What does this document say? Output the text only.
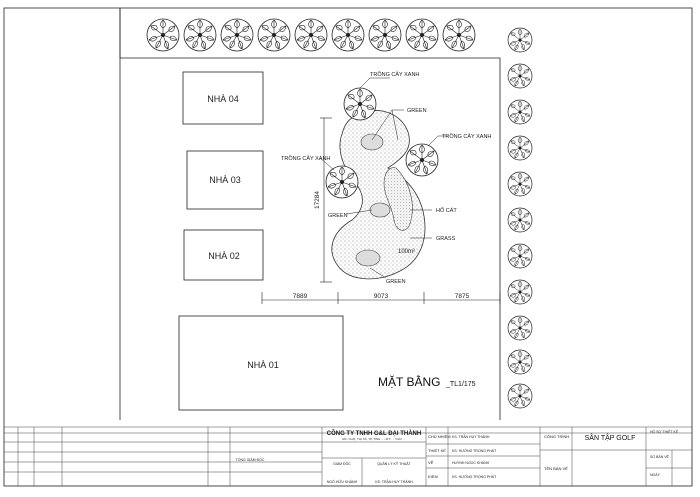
NHÀ 04
NHÀ 03
NHÀ 02
NHÀ 01
100m²
7889	9073	7875
17284
TRỒNG CÂY XANH
GREEN
TRỒNG CÂY XANH
TRỒNG CÂY XANH
GREEN
HỐ CÁT
GRASS
GREEN
MẶT BẰNG _TL1/175
CÔNG TY TNHH G&L ĐẠI THÀNH
ĐC: CHỢ, THỊ XÃ, TP, TỈNH ... / ĐT: ... / FAX ...
GIÁM ĐỐC	QUẢN LÝ KỸ THUẬT
NGÔ HỮU KHÁNH	KS. TRẦN HUY THÀNH
TỔNG GIÁM ĐỐC
CHỦ NHIỆM KS. TRẦN HUY THÀNH
THIẾT KẾ KS. HƯỚNG TRỌNG PHÁT
VẼ	HUỲNH NGỌC KHÁNH
KIỂM	KS. HƯỚNG TRỌNG PHÁT
CÔNG TRÌNH SÂN TẬP GOLF
TÊN BẢN VẼ
HỒ SƠ THIẾT KẾ
SỐ BẢN VẼ
NGÀY
